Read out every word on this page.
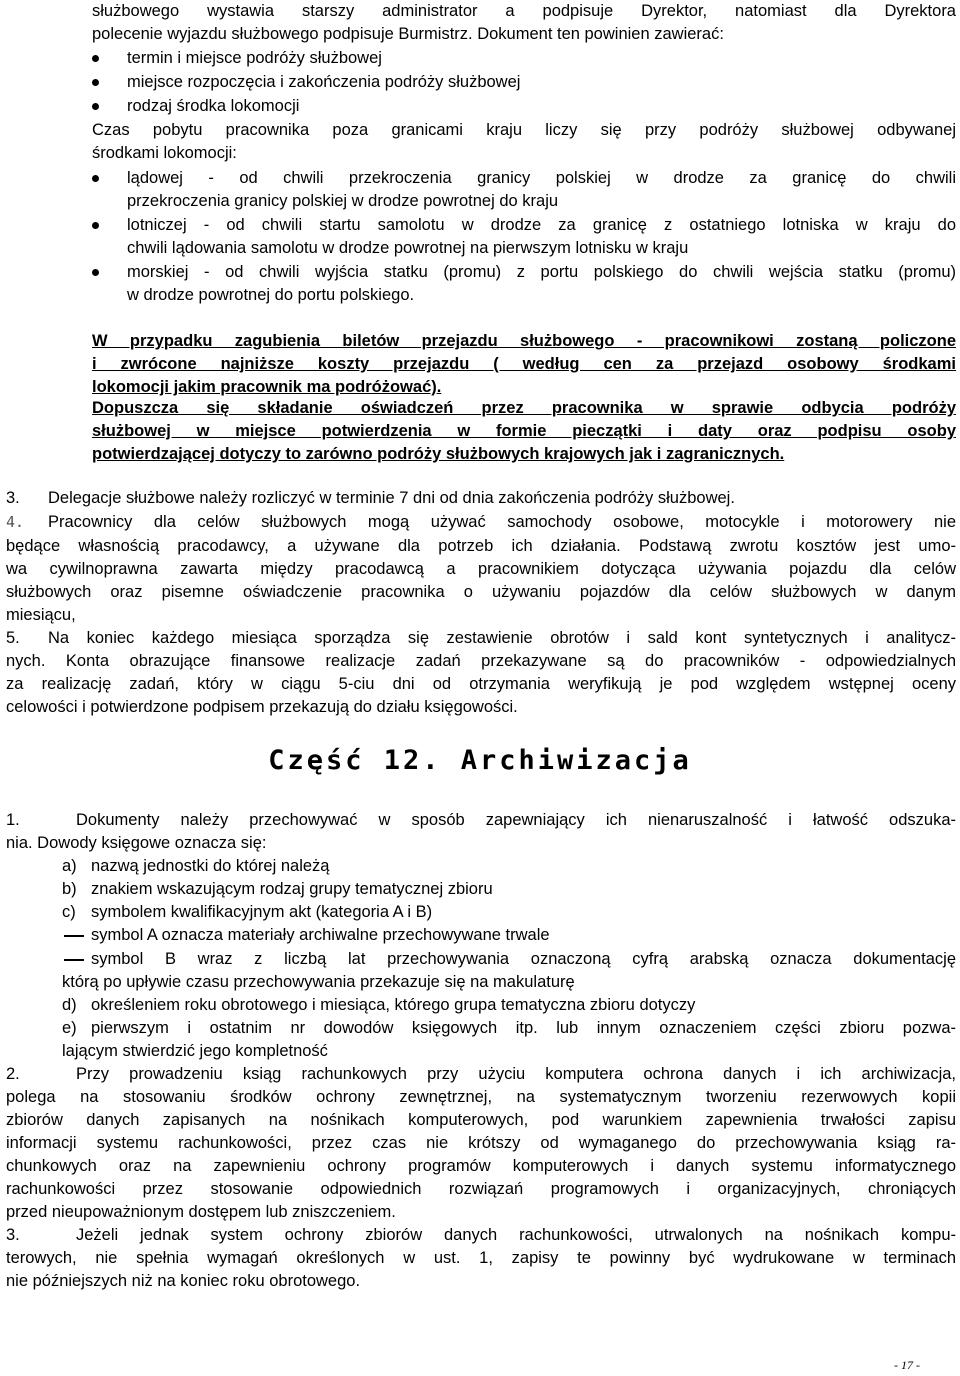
służbowego wystawia starszy administrator a podpisuje Dyrektor, natomiast dla Dyrektora
polecenie wyjazdu służbowego podpisuje Burmistrz. Dokument ten powinien zawierać:
termin i miejsce podróży służbowej
miejsce rozpoczęcia i zakończenia podróży służbowej
rodzaj środka lokomocji
Czas pobytu pracownika poza granicami kraju liczy się przy podróży służbowej odbywanej
środkami lokomocji:
lądowej - od chwili przekroczenia granicy polskiej w drodze za granicę do chwili
przekroczenia granicy polskiej w drodze powrotnej do kraju
lotniczej - od chwili startu samolotu w drodze za granicę z ostatniego lotniska w kraju do
chwili lądowania samolotu w drodze powrotnej na pierwszym lotnisku w kraju
morskiej - od chwili wyjścia statku (promu) z portu polskiego do chwili wejścia statku (promu)
w drodze powrotnej do portu polskiego.
W przypadku zagubienia biletów przejazdu służbowego - pracownikowi zostaną policzone
i zwrócone najniższe koszty przejazdu ( według cen za przejazd osobowy środkami
lokomocji jakim pracownik ma podróżować).
Dopuszcza się składanie oświadczeń przez pracownika w sprawie odbycia podróży
służbowej w miejsce potwierdzenia w formie pieczątki i daty oraz podpisu osoby
potwierdzającej dotyczy to zarówno podróży służbowych krajowych jak i zagranicznych.
3. Delegacje służbowe należy rozliczyć w terminie 7 dni od dnia zakończenia podróży służbowej.
4. Pracownicy dla celów służbowych mogą używać samochody osobowe, motocykle i motorowery nie
będące własnością pracodawcy, a używane dla potrzeb ich działania. Podstawą zwrotu kosztów jest umo-
wa cywilnoprawna zawarta między pracodawcą a pracownikiem dotycząca używania pojazdu dla celów
służbowych oraz pisemne oświadczenie pracownika o używaniu pojazdów dla celów służbowych w danym
miesiącu,
5. Na koniec każdego miesiąca sporządza się zestawienie obrotów i sald kont syntetycznych i analitycz-
nych. Konta obrazujące finansowe realizacje zadań przekazywane są do pracowników - odpowiedzialnych
za realizację zadań, który w ciągu 5-ciu dni od otrzymania weryfikują je pod względem wstępnej oceny
celowości i potwierdzone podpisem przekazują do działu księgowości.
Część 12. Archiwizacja
1.	Dokumenty należy przechowywać w sposób zapewniający ich nienaruszalność i łatwość odszuka-
nia. Dowody księgowe oznacza się:
a) nazwą jednostki do której należą
b) znakiem wskazującym rodzaj grupy tematycznej zbioru
c) symbolem kwalifikacyjnym akt (kategoria A i B)
symbol A oznacza materiały archiwalne przechowywane trwale
symbol B wraz z liczbą lat przechowywania oznaczoną cyfrą arabską oznacza dokumentację
którą po upływie czasu przechowywania przekazuje się na makulaturę
d) określeniem roku obrotowego i miesiąca, którego grupa tematyczna zbioru dotyczy
e) pierwszym i ostatnim nr dowodów księgowych itp. lub innym oznaczeniem części zbioru pozwa-
lającym stwierdzić jego kompletność
2.	Przy prowadzeniu ksiąg rachunkowych przy użyciu komputera ochrona danych i ich archiwizacja,
polega na stosowaniu środków ochrony zewnętrznej, na systematycznym tworzeniu rezerwowych kopii
zbiorów danych zapisanych na nośnikach komputerowych, pod warunkiem zapewnienia trwałości zapisu
informacji systemu rachunkowości, przez czas nie krótszy od wymaganego do przechowywania ksiąg ra-
chunkowych oraz na zapewnieniu ochrony programów komputerowych i danych systemu informatycznego
rachunkowości przez stosowanie odpowiednich rozwiązań programowych i organizacyjnych, chroniących
przed nieupoważnionym dostępem lub zniszczeniem.
3.	Jeżeli jednak system ochrony zbiorów danych rachunkowości, utrwalonych na nośnikach kompu-
terowych, nie spełnia wymagań określonych w ust. 1, zapisy te powinny być wydrukowane w terminach
nie późniejszych niż na koniec roku obrotowego.
- 17 -
